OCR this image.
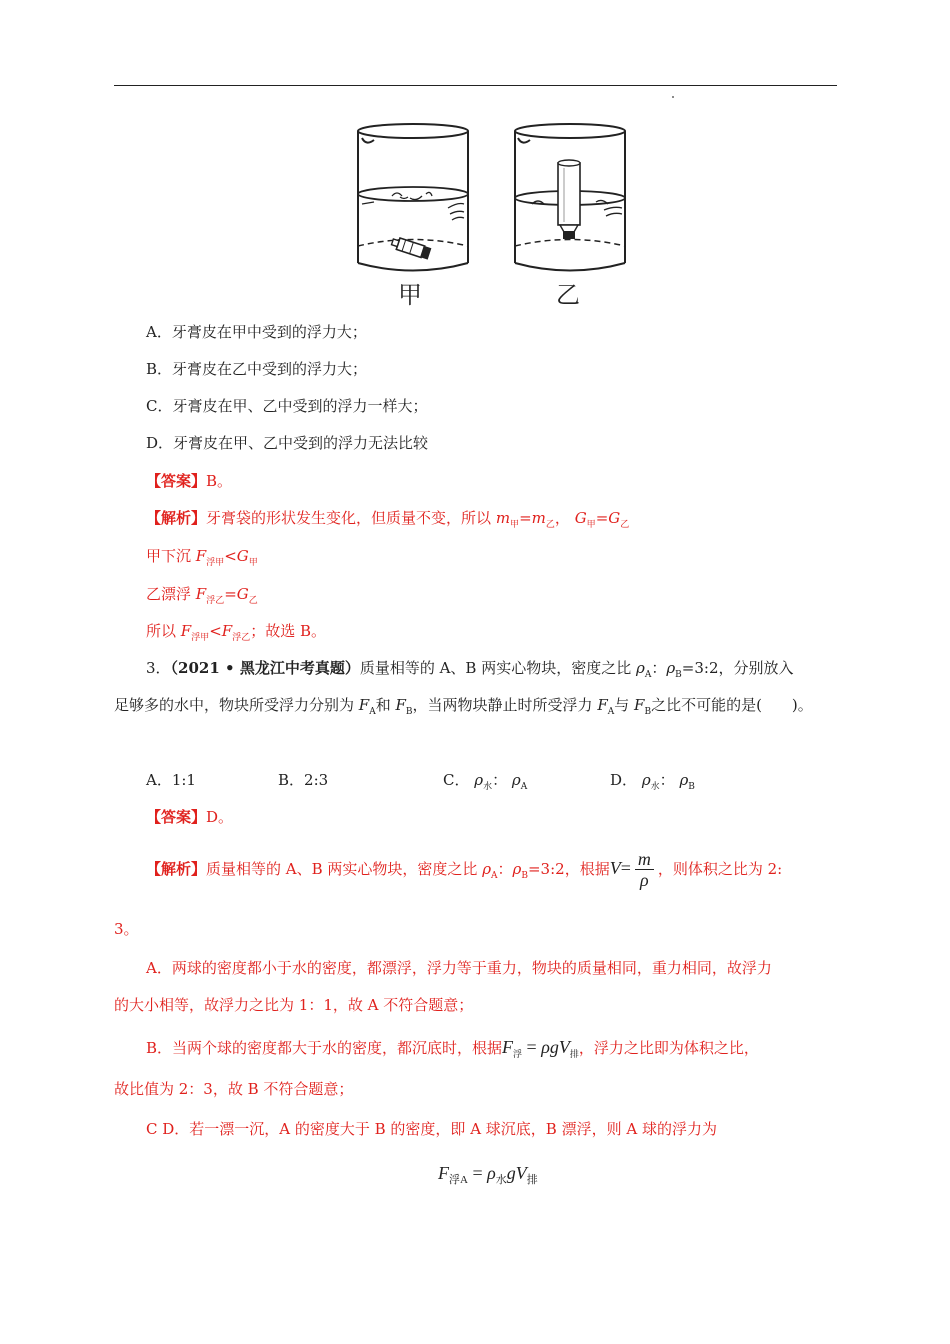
甲	乙
A．牙膏皮在甲中受到的浮力大；
B．牙膏皮在乙中受到的浮力大；
C．牙膏皮在甲、乙中受到的浮力一样大；
D．牙膏皮在甲、乙中受到的浮力无法比较
【答案】B。
【解析】牙膏袋的形状发生变化，但质量不变，所以 $m_甲=m_乙$， $G_甲=G_乙$
甲下沉 $F_{浮甲}<G_甲$
乙漂浮 $F_{浮乙}=G_乙$
所以 $F_{浮甲}<F_{浮乙}$；故选 B。
3．（2021 • 黑龙江中考真题）质量相等的 A、B 两实心物块，密度之比 $\rho_A$：$\rho_B=3:2$，分别放入
足够多的水中，物块所受浮力分别为 $F_A$和 $F_B$，当两物块静止时所受浮力 $F_A$与 $F_B$之比不可能的是(　　)。
A．1:1	B．2:3	C． $\rho_水$： $\rho_A$	D． $\rho_水$： $\rho_B$
【答案】D。
【解析】质量相等的 A、B 两实心物块，密度之比 $\rho_A$：$\rho_B=3:2$，根据$V= \frac{m}{\rho}$ ，则体积之比为 2:
3。
A．两球的密度都小于水的密度，都漂浮，浮力等于重力，物块的质量相同，重力相同，故浮力
的大小相等，故浮力之比为 1：1，故 A 不符合题意；
B．当两个球的密度都大于水的密度，都沉底时，根据$F_浮 = \rho gV_排$，浮力之比即为体积之比，
故比值为 2：3，故 B 不符合题意；
C D．若一漂一沉，A 的密度大于 B 的密度，即 A 球沉底，B 漂浮，则 A 球的浮力为
$F_{浮A} = \rho_水gV_排$
